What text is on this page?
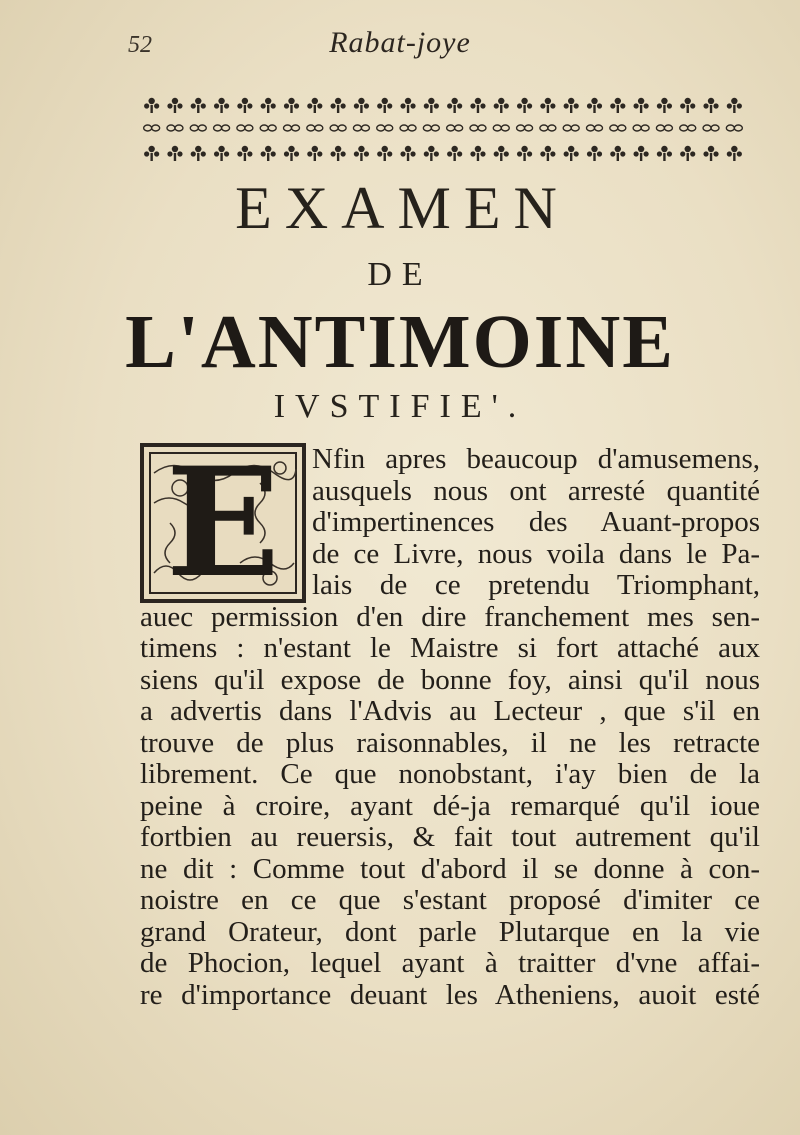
52	Rabat-joye
EXAMEN
DE
L'ANTIMOINE
IVSTIFIE'.
E	Nfin apres beaucoup d'amusemens,
ausquels nous ont arresté quantité
d'impertinences des Auant-propos
de ce Livre, nous voila dans le Pa-
lais de ce pretendu Triomphant,
auec permission d'en dire franchement mes sen-
timens : n'estant le Maistre si fort attaché aux
siens qu'il expose de bonne foy, ainsi qu'il nous
a advertis dans l'Advis au Lecteur , que s'il en
trouve de plus raisonnables, il ne les retracte
librement. Ce que nonobstant, i'ay bien de la
peine à croire, ayant dé-ja remarqué qu'il ioue
fortbien au reuersis, & fait tout autrement qu'il
ne dit : Comme tout d'abord il se donne à con-
noistre en ce que s'estant proposé d'imiter ce
grand Orateur, dont parle Plutarque en la vie
de Phocion, lequel ayant à traitter d'vne affai-
re d'importance deuant les Atheniens, auoit esté
